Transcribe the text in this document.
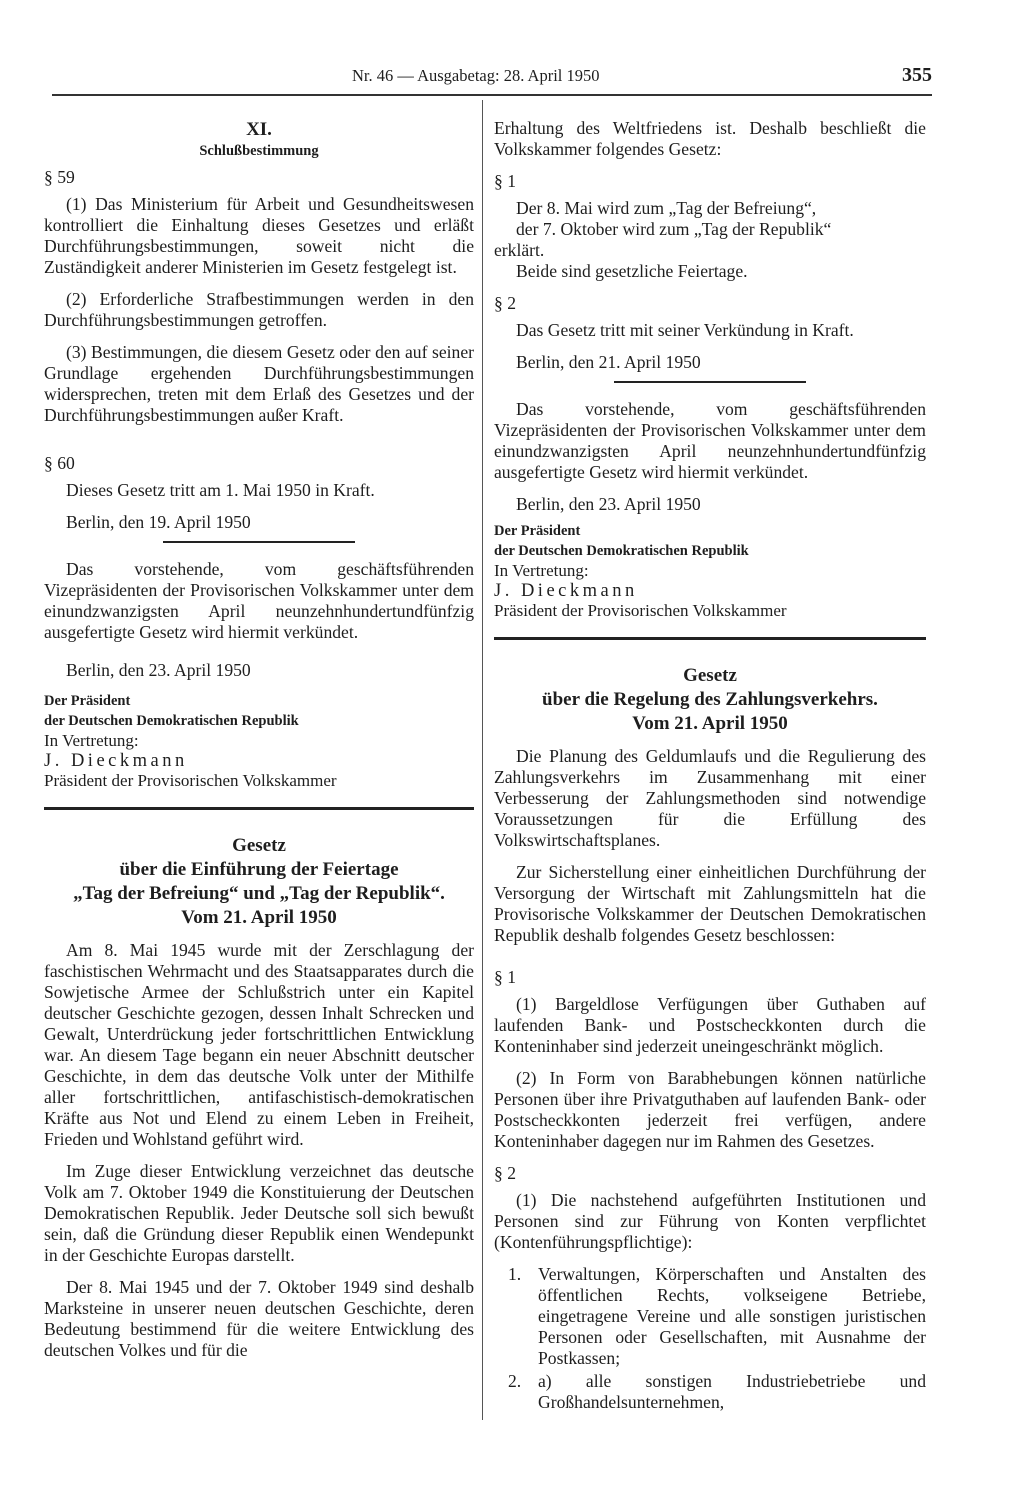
Nr. 46 — Ausgabetag: 28. April 1950	355
XI.
Schlußbestimmung

§ 59

(1) Das Ministerium für Arbeit und Gesundheitswesen kontrolliert die Einhaltung dieses Gesetzes und erläßt Durchführungsbestimmungen, soweit nicht die Zuständigkeit anderer Ministerien im Gesetz festgelegt ist.

(2) Erforderliche Strafbestimmungen werden in den Durchführungsbestimmungen getroffen.

(3) Bestimmungen, die diesem Gesetz oder den auf seiner Grundlage ergehenden Durchführungsbestimmungen widersprechen, treten mit dem Erlaß des Gesetzes und der Durchführungsbestimmungen außer Kraft.

§ 60

Dieses Gesetz tritt am 1. Mai 1950 in Kraft.

Berlin, den 19. April 1950

Das vorstehende, vom geschäftsführenden Vizepräsidenten der Provisorischen Volkskammer unter dem einundzwanzigsten April neunzehnhundertundfünfzig ausgefertigte Gesetz wird hiermit verkündet.

Berlin, den 23. April 1950

Der Präsident

der Deutschen Demokratischen Republik

In Vertretung:

J. Dieckmann

Präsident der Provisorischen Volkskammer

Gesetz
über die Einführung der Feiertage
„Tag der Befreiung“ und „Tag der Republik“.
Vom 21. April 1950

Am 8. Mai 1945 wurde mit der Zerschlagung der faschistischen Wehrmacht und des Staatsapparates durch die Sowjetische Armee der Schlußstrich unter ein Kapitel deutscher Geschichte gezogen, dessen Inhalt Schrecken und Gewalt, Unterdrückung jeder fortschrittlichen Entwicklung war. An diesem Tage begann ein neuer Abschnitt deutscher Geschichte, in dem das deutsche Volk unter der Mithilfe aller fortschrittlichen, antifaschistisch-demokratischen Kräfte aus Not und Elend zu einem Leben in Freiheit, Frieden und Wohlstand geführt wird.

Im Zuge dieser Entwicklung verzeichnet das deutsche Volk am 7. Oktober 1949 die Konstituierung der Deutschen Demokratischen Republik. Jeder Deutsche soll sich bewußt sein, daß die Gründung dieser Republik einen Wendepunkt in der Geschichte Europas darstellt.

Der 8. Mai 1945 und der 7. Oktober 1949 sind deshalb Marksteine in unserer neuen deutschen Geschichte, deren Bedeutung bestimmend für die weitere Entwicklung des deutschen Volkes und für die

Erhaltung des Weltfriedens ist. Deshalb beschließt die Volkskammer folgendes Gesetz:

§ 1

Der 8. Mai wird zum „Tag der Befreiung“,

der 7. Oktober wird zum „Tag der Republik“

erklärt.

Beide sind gesetzliche Feiertage.

§ 2

Das Gesetz tritt mit seiner Verkündung in Kraft.

Berlin, den 21. April 1950

Das vorstehende, vom geschäftsführenden Vizepräsidenten der Provisorischen Volkskammer unter dem einundzwanzigsten April neunzehnhundertundfünfzig ausgefertigte Gesetz wird hiermit verkündet.

Berlin, den 23. April 1950

Der Präsident

der Deutschen Demokratischen Republik

In Vertretung:

J. Dieckmann

Präsident der Provisorischen Volkskammer

Gesetz
über die Regelung des Zahlungsverkehrs.
Vom 21. April 1950

Die Planung des Geldumlaufs und die Regulierung des Zahlungsverkehrs im Zusammenhang mit einer Verbesserung der Zahlungsmethoden sind notwendige Voraussetzungen für die Erfüllung des Volkswirtschaftsplanes.

Zur Sicherstellung einer einheitlichen Durchführung der Versorgung der Wirtschaft mit Zahlungsmitteln hat die Provisorische Volkskammer der Deutschen Demokratischen Republik deshalb folgendes Gesetz beschlossen:

§ 1

(1) Bargeldlose Verfügungen über Guthaben auf laufenden Bank- und Postscheckkonten durch die Konteninhaber sind jederzeit uneingeschränkt möglich.

(2) In Form von Barabhebungen können natürliche Personen über ihre Privatguthaben auf laufenden Bank- oder Postscheckkonten jederzeit frei verfügen, andere Konteninhaber dagegen nur im Rahmen des Gesetzes.

§ 2

(1) Die nachstehend aufgeführten Institutionen und Personen sind zur Führung von Konten verpflichtet (Kontenführungspflichtige):

1. Verwaltungen, Körperschaften und Anstalten des öffentlichen Rechts, volkseigene Betriebe, eingetragene Vereine und alle sonstigen juristischen Personen oder Gesellschaften, mit Ausnahme der Postkassen;
2. a) alle sonstigen Industriebetriebe und Großhandelsunternehmen,
